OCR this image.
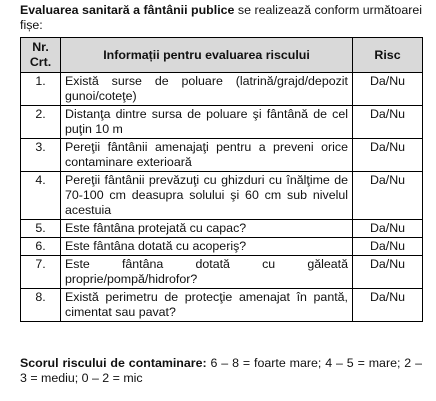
Evaluarea sanitară a fântânii publice se realizează conform următoarei fișe:
Nr. Crt.	Informații pentru evaluarea riscului	Risc
1.	Există surse de poluare (latrină/grajd/depozit gunoi/coteţe)	Da/Nu
2.	Distanţa dintre sursa de poluare şi fântână de cel puţin 10 m	Da/Nu
3.	Pereţii fântânii amenajaţi pentru a preveni orice contaminare exterioară	Da/Nu
4.	Pereţii fântânii prevăzuţi cu ghizduri cu înălţime de 70-100 cm deasupra solului şi 60 cm sub nivelul acestuia	Da/Nu
5.	Este fântâna protejată cu capac?	Da/Nu
6.	Este fântâna dotată cu acoperiş?	Da/Nu
7.	Este fântâna dotată cu găleată proprie/pompă/hidrofor?	Da/Nu
8.	Există perimetru de protecţie amenajat în pantă, cimentat sau pavat?	Da/Nu
Scorul riscului de contaminare: 6 – 8 = foarte mare; 4 – 5 = mare; 2 – 3 = mediu; 0 – 2 = mic
